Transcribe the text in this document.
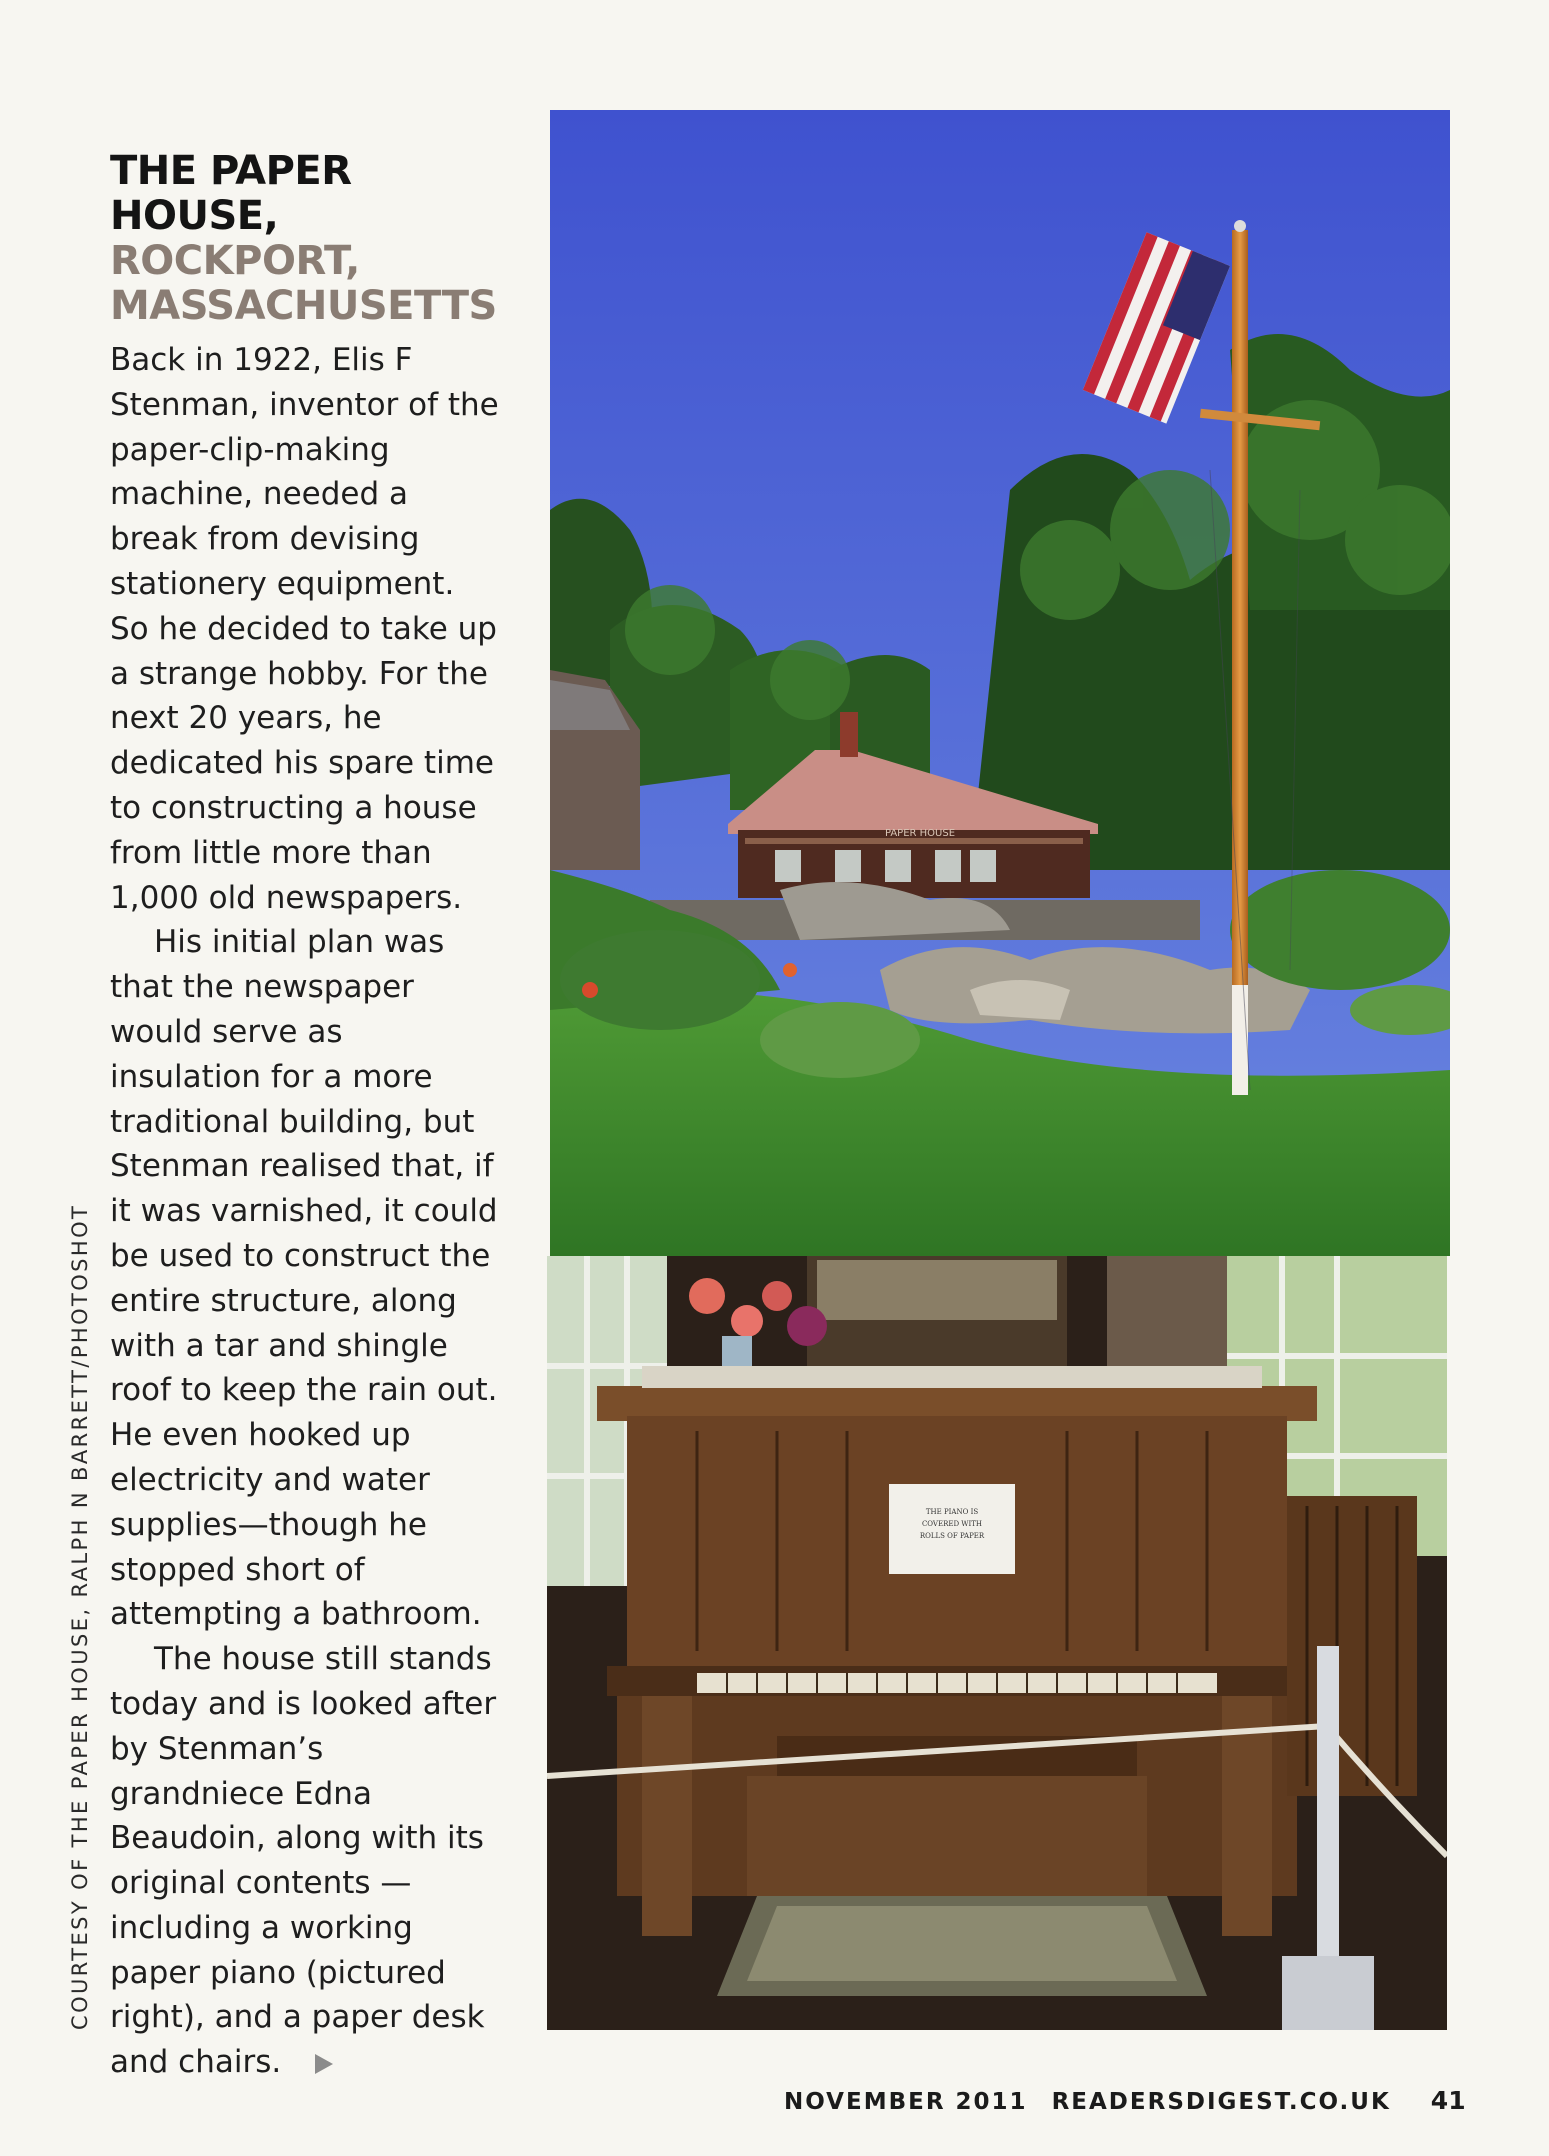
THE PAPER
HOUSE,
ROCKPORT,
MASSACHUSETTS

Back in 1922, Elis F Stenman, inventor of the paper-clip-making machine, needed a break from devising stationery equipment. So he decided to take up a strange hobby. For the next 20 years, he dedicated his spare time to constructing a house from little more than 1,000 old newspapers.

His initial plan was that the newspaper would serve as insulation for a more traditional building, but Stenman realised that, if it was varnished, it could be used to construct the entire structure, along with a tar and shingle roof to keep the rain out. He even hooked up electricity and water supplies—though he stopped short of attempting a bathroom.

The house still stands today and is looked after by Stenman’s grandniece Edna Beaudoin, along with its original contents —including a working paper piano (pictured right), and a paper desk and chairs.

COURTESY OF THE PAPER HOUSE, RALPH N BARRETT/PHOTOSHOT
PAPER HOUSE
THE PIANO IS
COVERED WITH
ROLLS OF PAPER
NOVEMBER 2011 READERSDIGEST.CO.UK 41
